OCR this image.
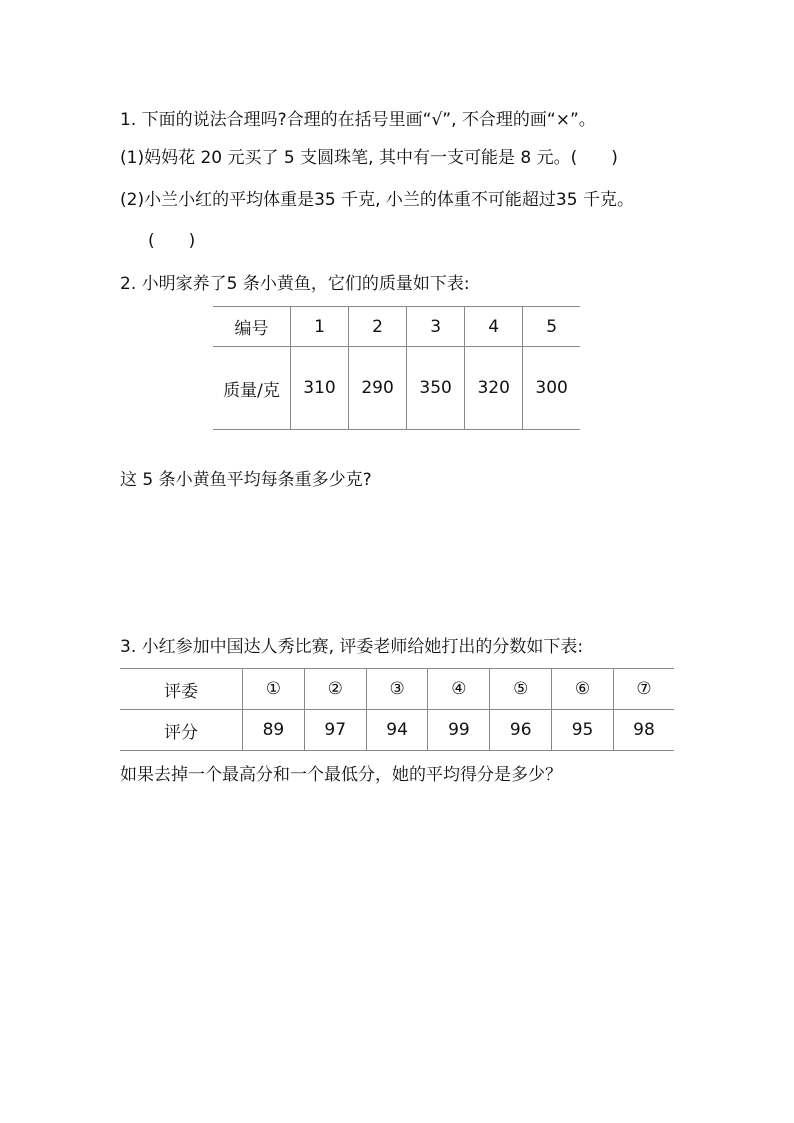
1. 下面的说法合理吗?合理的在括号里画“√”, 不合理的画“×”。
(1)妈妈花 20 元买了 5 支圆珠笔, 其中有一支可能是 8 元。(　　)
(2)小兰小红的平均体重是35 千克, 小兰的体重不可能超过35 千克。
(　　)
2. 小明家养了5 条小黄鱼，它们的质量如下表:
编号	1	2	3	4	5
质量/克	310	290	350	320	300
这 5 条小黄鱼平均每条重多少克?
3. 小红参加中国达人秀比赛, 评委老师给她打出的分数如下表:
评委	①	②	③	④	⑤	⑥	⑦
评分	89	97	94	99	96	95	98
如果去掉一个最高分和一个最低分，她的平均得分是多少？
